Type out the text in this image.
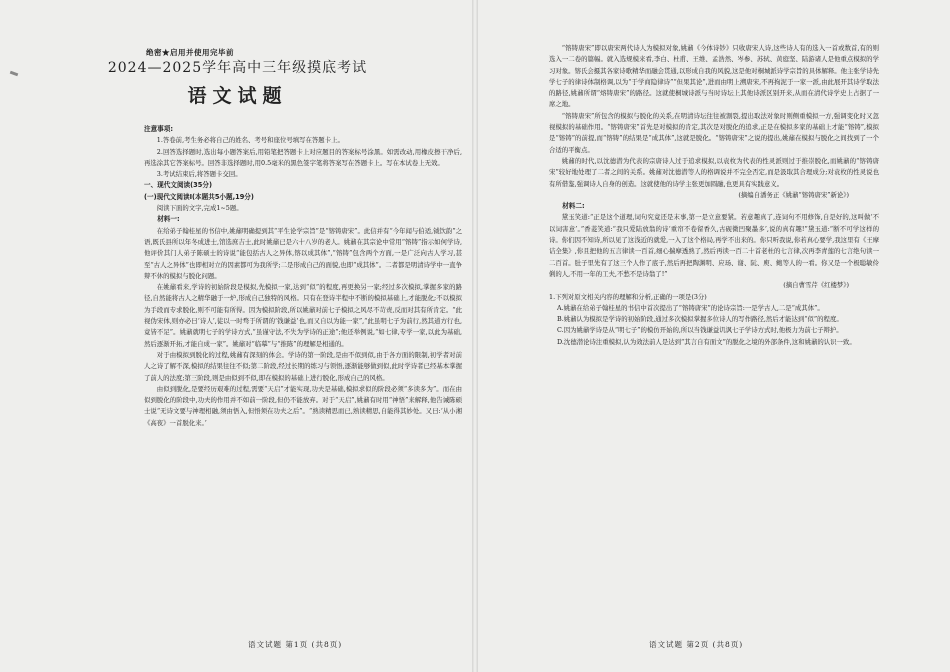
绝密★启用并使用完毕前
2024—2025学年高中三年级摸底考试
语文试题

注意事项:

1.答卷前,考生务必将自己的姓名、考号和座位号填写在答题卡上。

2.回答选择题时,选出每小题答案后,用铅笔把答题卡上对应题目的答案标号涂黑。如需改动,用橡皮擦干净后,再选涂其它答案标号。回答非选择题时,用0.5毫米的黑色签字笔将答案写在答题卡上。写在本试卷上无效。

3.考试结束后,将答题卡交回。

一、现代文阅读(35分)

(一)现代文阅读Ⅰ(本题共5小题,19分)

阅读下面的文字,完成1~5题。

材料一:

在给弟子翰桂星的书信中,姚鼐明确提到其“平生论学宗旨”是“镕铸唐宋”。此信并有“今年闻与伯适,钺饮韵”之语,既氏县所以年冬成进士,馆选庶吉士,此时姚鼐已是六十八岁的老人。姚鼐在其宗论中常用“镕铸”指示如何学诗,他评价其门人弟子陈硕士的诗说“能包括古人之异体,镕以成其体”,“镕铸”包含两个方面,一是广泛向古人学习,甚至“古人之异体”也即相对立的因素都可为我所学;二是形成自己的面貌,也即“成其体”。二者都是明清诗学中一直争辩不休的模拟与脱化问题。

在姚鼐看来,学诗的初始阶段是模拟,先模拟一家,达到“似”的程度,再更换另一家;经过多次模拟,掌握多家的路径,自然能将古人之精华融于一炉,形成自己独特的风格。只有在登诗半程中不断的模拟基础上,才能脱化;不以模拟为手段而专求脱化,则不可能有所得。因为模拟阶段,所以姚鼐对前七子模拟之风尽不苛责,反而对其有所肯定。“此视伪宋体,则亦必曰‘诗人’,徒以一时骛于所谓的‘钱谦益’也,而又自以为能一家”,“此虽明七子为前行,然其道方行也,竟皆不足”。姚鼐就明七子的学诗方式,“虽谨守法,不失为学诗的正途”;他还举例说,“如七律,专学一家,以此为基础,然后逐渐开拓,才能自成一家”。姚鼐对“临摹”与“推陈”的理解是相通的。

对于由模拟到脱化的过程,姚鼐有深刻的体会。学诗的第一阶段,是由不似到似,由于各方面的限制,初学者对前人之诗了解不深,模拟的结果往往不似;第二阶段,经过长期的练习与领悟,逐渐能够做到似,此时学诗者已经基本掌握了前人的法度;第三阶段,则是由似到不似,即在模拟的基础上进行脱化,形成自己的风格。

由似到脱化,是要经历艰难的过程,需要“天启”才能实现,功夫是基础,模拟求似的阶段必须“多读多为”。而在由似到脱化的阶段中,功夫的作用并不如前一阶段,但仍不能放弃。对于“天启”,姚鼐有时用“神悟”来解释,他告诫陈硕士说“无诗文要与神理相融,须由悟入,但悟须在功夫之后”。“熟读精思而已,熟读精思,自能得其妙处。又曰:‘从小湘《高夜》一首脱化来。’

语文试题 第1页 (共8页)

“镕铸唐宋”即以唐宋两代诗人为模拟对象,姚鼐《今体诗钞》只收唐宋人诗,这些诗人有的选入一首或数首,有的则选入一二卷的篇幅。就入选规模来看,李白、杜甫、王维、孟浩然、岑参、苏轼、黄庭坚、陆游诸人是他重点模拟的学习对象。镕氏会摄其各家诗歌精华而融会贯通,以形成自我的风貌,这是他对桐城派诗学宗旨的具体解释。他主张学诗先学七子的律诗体制格调,以为“于学商隐律诗”“但果其论”,进而由明上溯唐宋,不再拘泥于一家一派,由此展开其诗学取法的路径,姚鼐所谓“熔铸唐宋”的路径。这就使桐城诗派与当时诗坛上其他诗派区别开来,从而在清代诗学史上占据了一席之地。

“镕铸唐宋”所包含的模拟与脱化的关系,在明清诗坛往往被割裂,提出取法对象时则侧重模拟一方,强调变化时又忽视模拟的基础作用。“镕铸唐宋”首先是对模拟的肯定,其次是对脱化的追求,正是在模拟多家的基础上才能“镕铸”,模拟是“镕铸”的前提,而“镕铸”的结果是“成其体”,这就是脱化。“镕铸唐宋”之说的提出,姚鼐在模拟与脱化之间找到了一个合适的平衡点。

姚鼐的时代,以沈德潜为代表的宗唐诗人过于追求模拟,以袁枚为代表的性灵派则过于推崇脱化,而姚鼐的“镕铸唐宋”较好地处理了二者之间的关系。姚鼐对沈德潜等人的格调说并不完全否定,而是汲取其合理成分;对袁枚的性灵说也有所借鉴,强调诗人自身的创造。这就使他的诗学主张更加圆融,也更具有实践意义。

(摘编自潘务正《姚鼐“镕铸唐宋”新论》)

材料二:

黛玉笑道:“正是这个道理,词句究竟还是末事,第一是立意要紧。若意趣真了,连词句不用修饰,自是好的,这叫做‘不以词害意’。”香菱笑道:“我只爱陆放翁的诗‘重帘不卷留香久,古砚微凹聚墨多’,说的真有趣!”黛玉道:“断不可学这样的诗。你们因不知诗,所以见了这浅近的就爱,一入了这个格局,再学不出来的。你只听我说,你若真心要学,我这里有《王摩诘全集》,你且把他的五言律读一百首,细心揣摩透熟了,然后再读一百二十首老杜的七言律,次再李青莲的七言绝句读一二百首。肚子里先有了这三个人作了底子,然后再把陶渊明、应玚、谢、阮、庾、鲍等人的一看。你又是一个极聪敏伶俐的人,不用一年的工夫,不愁不是诗翁了!”

(摘自曹雪芹《红楼梦》)

1.下列对原文相关内容的理解和分析,正确的一项是(3分)

A.姚鼐在给弟子翰桂星的书信中首次提出了“镕铸唐宋”的论诗宗旨:一是学古人,二是“成其体”。

B.姚鼐认为模拟是学诗的初始阶段,通过多次模拟掌握多位诗人的写作路径,然后才能达到“似”的程度。

C.因为姚鼐学诗是从“明七子”的模仿开始的,所以当钱谦益讥讽七子学诗方式时,他极力为前七子辩护。

D.沈德潜论诗注重模拟,认为效法前人是达到“其言自有面文”的脱化之境的外部条件,这和姚鼐的认识一致。

语文试题 第2页 (共8页)
